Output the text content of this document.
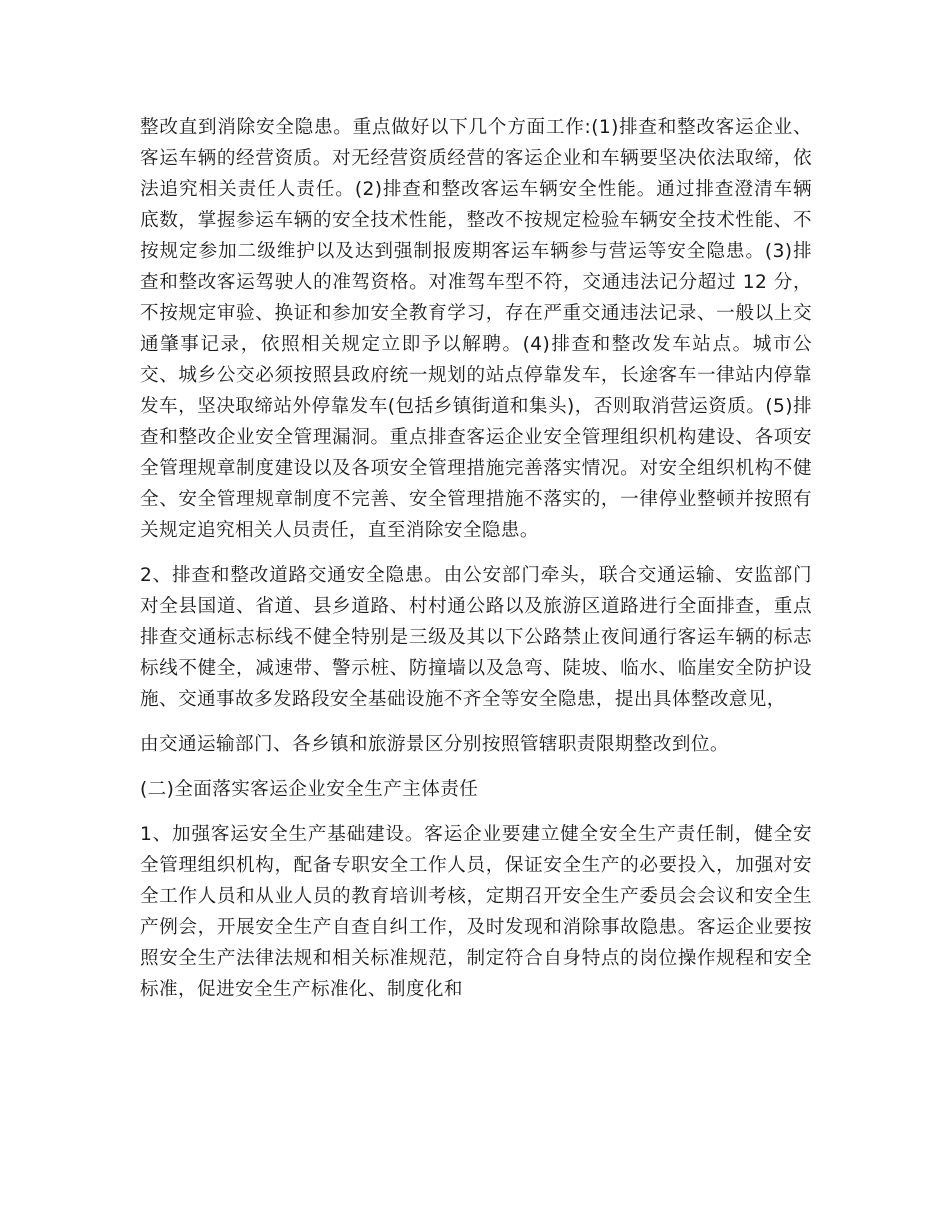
整改直到消除安全隐患。重点做好以下几个方面工作:(1)排查和整改客运企业、客运车辆的经营资质。对无经营资质经营的客运企业和车辆要坚决依法取缔，依法追究相关责任人责任。(2)排查和整改客运车辆安全性能。通过排查澄清车辆底数，掌握参运车辆的安全技术性能，整改不按规定检验车辆安全技术性能、不按规定参加二级维护以及达到强制报废期客运车辆参与营运等安全隐患。(3)排查和整改客运驾驶人的准驾资格。对准驾车型不符，交通违法记分超过 12 分，不按规定审验、换证和参加安全教育学习，存在严重交通违法记录、一般以上交通肇事记录，依照相关规定立即予以解聘。(4)排查和整改发车站点。城市公交、城乡公交必须按照县政府统一规划的站点停靠发车，长途客车一律站内停靠发车，坚决取缔站外停靠发车(包括乡镇街道和集头)，否则取消营运资质。(5)排查和整改企业安全管理漏洞。重点排查客运企业安全管理组织机构建设、各项安全管理规章制度建设以及各项安全管理措施完善落实情况。对安全组织机构不健全、安全管理规章制度不完善、安全管理措施不落实的，一律停业整顿并按照有关规定追究相关人员责任，直至消除安全隐患。

2、排查和整改道路交通安全隐患。由公安部门牵头，联合交通运输、安监部门对全县国道、省道、县乡道路、村村通公路以及旅游区道路进行全面排查，重点排查交通标志标线不健全特别是三级及其以下公路禁止夜间通行客运车辆的标志标线不健全，减速带、警示桩、防撞墙以及急弯、陡坡、临水、临崖安全防护设施、交通事故多发路段安全基础设施不齐全等安全隐患，提出具体整改意见，

由交通运输部门、各乡镇和旅游景区分别按照管辖职责限期整改到位。

(二)全面落实客运企业安全生产主体责任

1、加强客运安全生产基础建设。客运企业要建立健全安全生产责任制，健全安全管理组织机构，配备专职安全工作人员，保证安全生产的必要投入，加强对安全工作人员和从业人员的教育培训考核，定期召开安全生产委员会会议和安全生产例会，开展安全生产自查自纠工作，及时发现和消除事故隐患。客运企业要按照安全生产法律法规和相关标准规范，制定符合自身特点的岗位操作规程和安全标准，促进安全生产标准化、制度化和
